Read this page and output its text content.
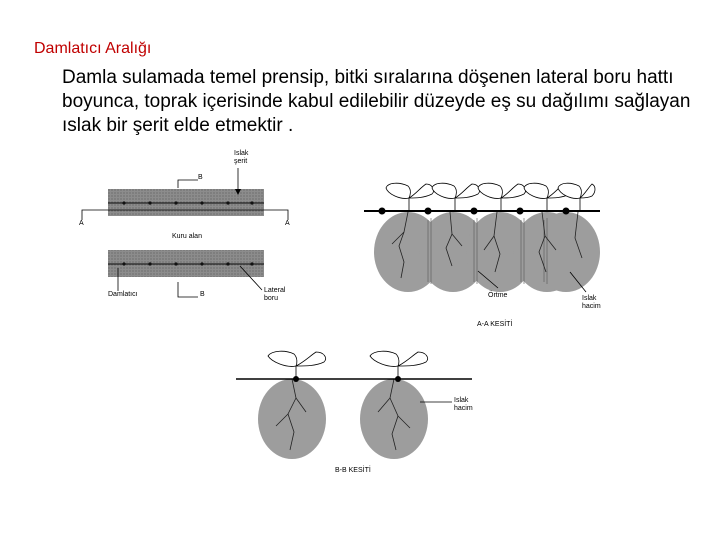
Damlatıcı Aralığı
Damla sulamada temel prensip, bitki sıralarına döşenen lateral boru hattı boyunca, toprak içerisinde kabul edilebilir düzeyde eş su dağılımı sağlayan ıslak bir şerit elde etmektir .
Islak
şerit
B
A	A
Kuru alan
Damlatıcı	B
Lateral
boru	Örtme	Islak
hacim
A-A KESİTİ
Islak
hacim
B-B KESİTİ
